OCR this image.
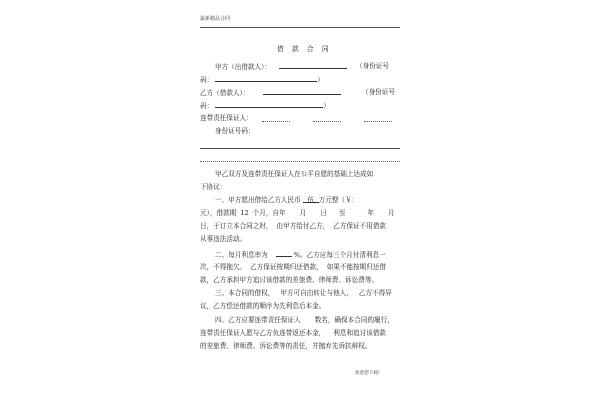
最新精品合同
借 款 合 同
甲方（出借款人）：	（身份证号
码：	）
乙方（借款人）：	（身份证号
码：	）
连带责任保证人：
身份证号码：
甲乙双方及连带责任保证人在公平自愿的基础上达成如
下协议：
一、甲方愿出借给乙方人民币 伍 万元整（￥：
元），借款期 12 个月，自年 月 日 至	年 月
日，于订立本合同之时， 由甲方给付乙方， 乙方保证不用借款
从事违法活动。
二、每月利息率为	%。乙方应每三个月付清利息一
次，不得拖欠。 乙方保证按期归还借款， 如果不能按期归还借
款，乙方承担甲方追讨该借款的差旅费、律师费、诉讼费等。
三、本合同的借权， 甲方可自由转让与他人， 乙方不得异
议，乙方偿还借款的顺序为先利息后本金。
四、乙方应要连带责任保证人 数名，确保本合同的履行，
连带责任保证人愿与乙方负连带返还本金， 利息和追讨该借款
的差旅费、律师费、诉讼费等的责任，并抛弃先诉抗辩权。
欢迎您下载!
